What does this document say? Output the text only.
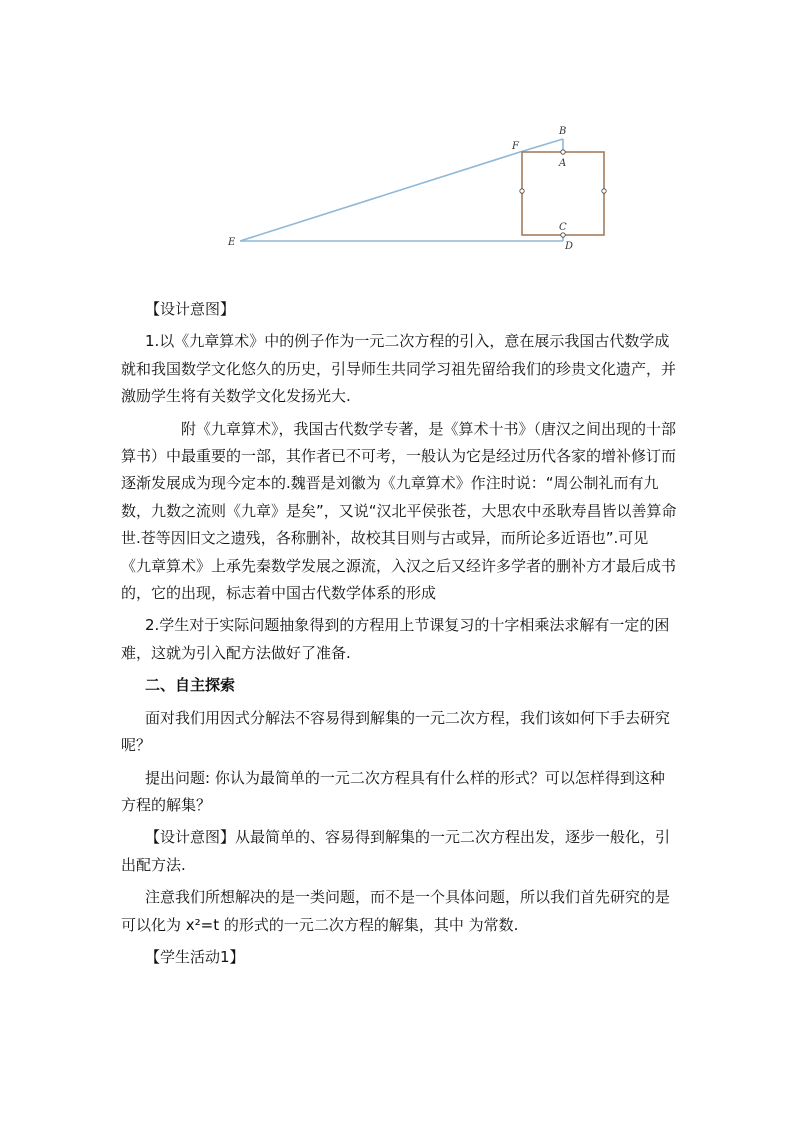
E
F
B
A
C
D

【设计意图】

1.以《九章算术》中的例子作为一元二次方程的引入，意在展示我国古代数学成就和我国数学文化悠久的历史，引导师生共同学习祖先留给我们的珍贵文化遗产，并激励学生将有关数学文化发扬光大.

附《九章算术》，我国古代数学专著，是《算术十书》（唐汉之间出现的十部算书）中最重要的一部，其作者已不可考，一般认为它是经过历代各家的增补修订而逐渐发展成为现今定本的.魏晋是刘徽为《九章算术》作注时说：“周公制礼而有九数，九数之流则《九章》是矣”，又说“汉北平侯张苍，大思农中丞耿寿昌皆以善算命世.苍等因旧文之遗残，各称删补，故校其目则与古或异，而所论多近语也”.可见《九章算术》上承先秦数学发展之源流，入汉之后又经许多学者的删补方才最后成书的，它的出现，标志着中国古代数学体系的形成

2.学生对于实际问题抽象得到的方程用上节课复习的十字相乘法求解有一定的困难，这就为引入配方法做好了准备.

二、自主探索

面对我们用因式分解法不容易得到解集的一元二次方程，我们该如何下手去研究呢？

提出问题: 你认为最简单的一元二次方程具有什么样的形式？可以怎样得到这种方程的解集？

【设计意图】从最简单的、容易得到解集的一元二次方程出发，逐步一般化，引出配方法.

注意我们所想解决的是一类问题，而不是一个具体问题，所以我们首先研究的是可以化为 x²=t 的形式的一元二次方程的解集，其中 为常数.

【学生活动1】
